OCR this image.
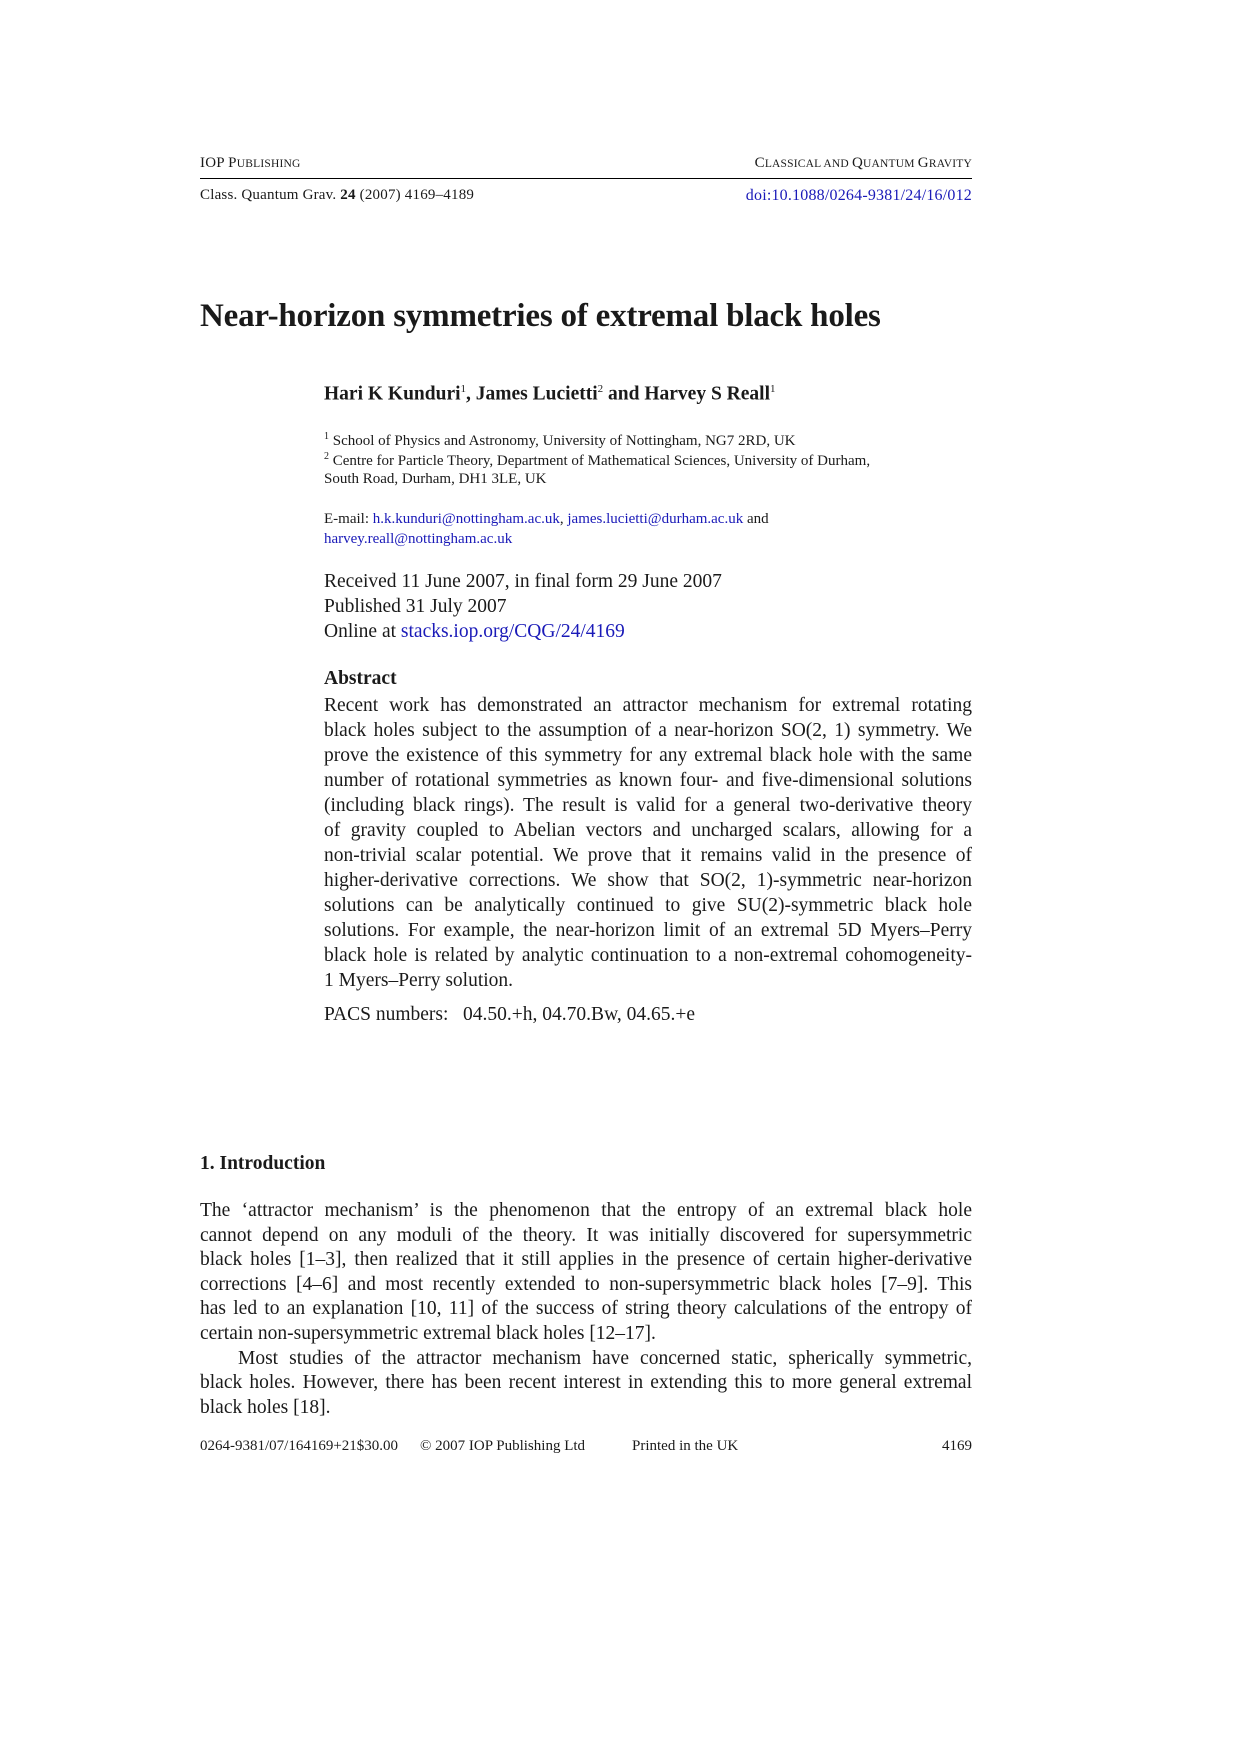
IOP PUBLISHING	CLASSICAL AND QUANTUM GRAVITY
Class. Quantum Grav. 24 (2007) 4169–4189	doi:10.1088/0264-9381/24/16/012
Near-horizon symmetries of extremal black holes
Hari K Kunduri$^1$, James Lucietti$^2$ and Harvey S Reall$^1$
$^1$ School of Physics and Astronomy, University of Nottingham, NG7 2RD, UK
$^2$ Centre for Particle Theory, Department of Mathematical Sciences, University of Durham,
South Road, Durham, DH1 3LE, UK
E-mail: h.k.kunduri@nottingham.ac.uk, james.lucietti@durham.ac.uk and
harvey.reall@nottingham.ac.uk
Received 11 June 2007, in final form 29 June 2007
Published 31 July 2007
Online at stacks.iop.org/CQG/24/4169
Abstract
Recent work has demonstrated an attractor mechanism for extremal rotating
black holes subject to the assumption of a near-horizon SO(2, 1) symmetry. We
prove the existence of this symmetry for any extremal black hole with the same
number of rotational symmetries as known four- and five-dimensional solutions
(including black rings). The result is valid for a general two-derivative theory
of gravity coupled to Abelian vectors and uncharged scalars, allowing for a
non-trivial scalar potential. We prove that it remains valid in the presence of
higher-derivative corrections. We show that SO(2, 1)-symmetric near-horizon
solutions can be analytically continued to give SU(2)-symmetric black hole
solutions. For example, the near-horizon limit of an extremal 5D Myers–Perry
black hole is related by analytic continuation to a non-extremal cohomogeneity-
1 Myers–Perry solution.
PACS numbers:   04.50.+h, 04.70.Bw, 04.65.+e
1. Introduction
The ‘attractor mechanism’ is the phenomenon that the entropy of an extremal black hole
cannot depend on any moduli of the theory. It was initially discovered for supersymmetric
black holes [1–3], then realized that it still applies in the presence of certain higher-derivative
corrections [4–6] and most recently extended to non-supersymmetric black holes [7–9]. This
has led to an explanation [10, 11] of the success of string theory calculations of the entropy of
certain non-supersymmetric extremal black holes [12–17].
Most studies of the attractor mechanism have concerned static, spherically symmetric,
black holes. However, there has been recent interest in extending this to more general extremal
black holes [18].
0264-9381/07/164169+21$30.00 © 2007 IOP Publishing Ltd	Printed in the UK	4169
